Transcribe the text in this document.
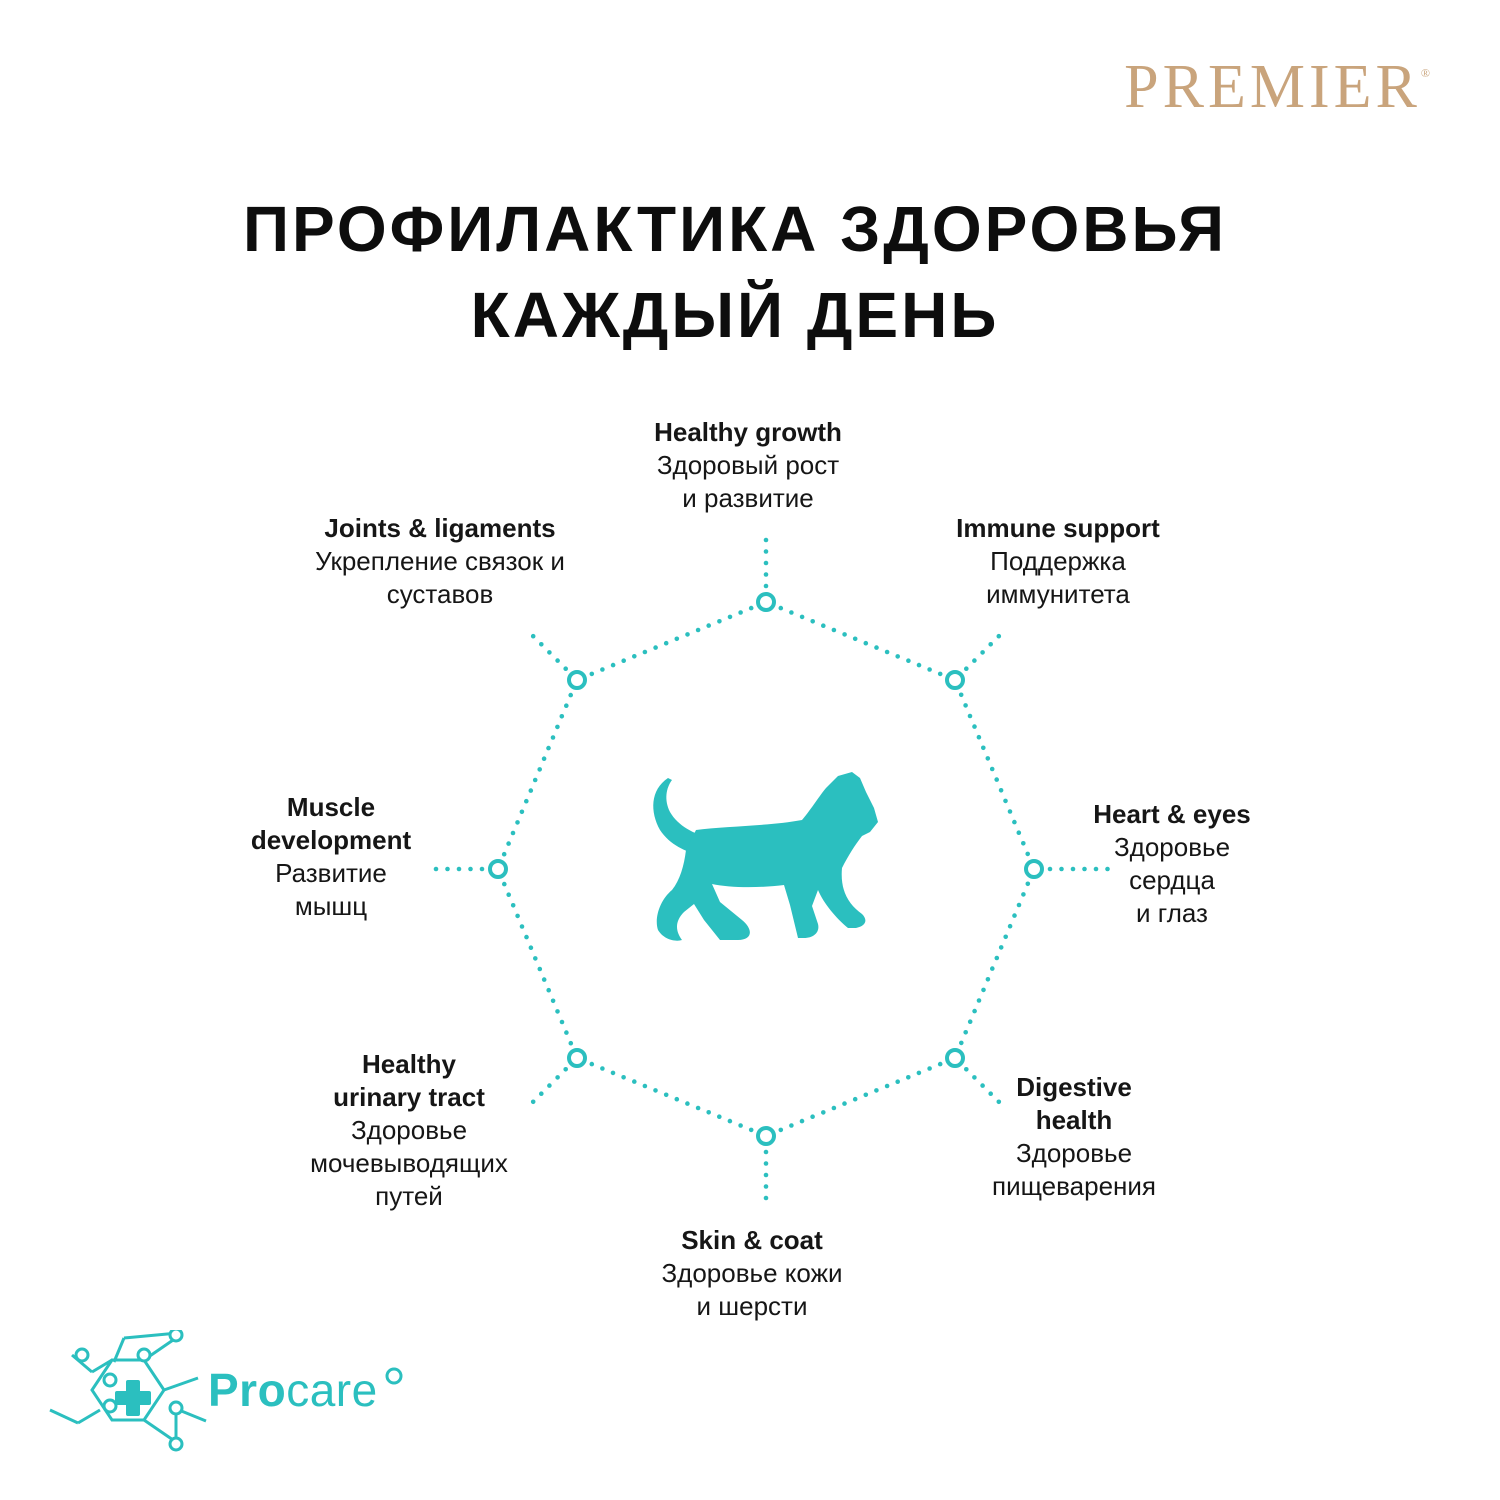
PREMIER®
ПРОФИЛАКТИКА ЗДОРОВЬЯ
КАЖДЫЙ ДЕНЬ
Healthy growth
Здоровый рост
и развитие
Immune support
Поддержка
иммунитета
Heart & eyes
Здоровье
сердца
и глаз
Digestive
health
Здоровье
пищеварения
Skin & coat
Здоровье кожи
и шерсти
Healthy
urinary tract
Здоровье
мочевыводящих
путей
Muscle
development
Развитие
мышц
Joints & ligaments
Укрепление связок и
суставов
Procare
